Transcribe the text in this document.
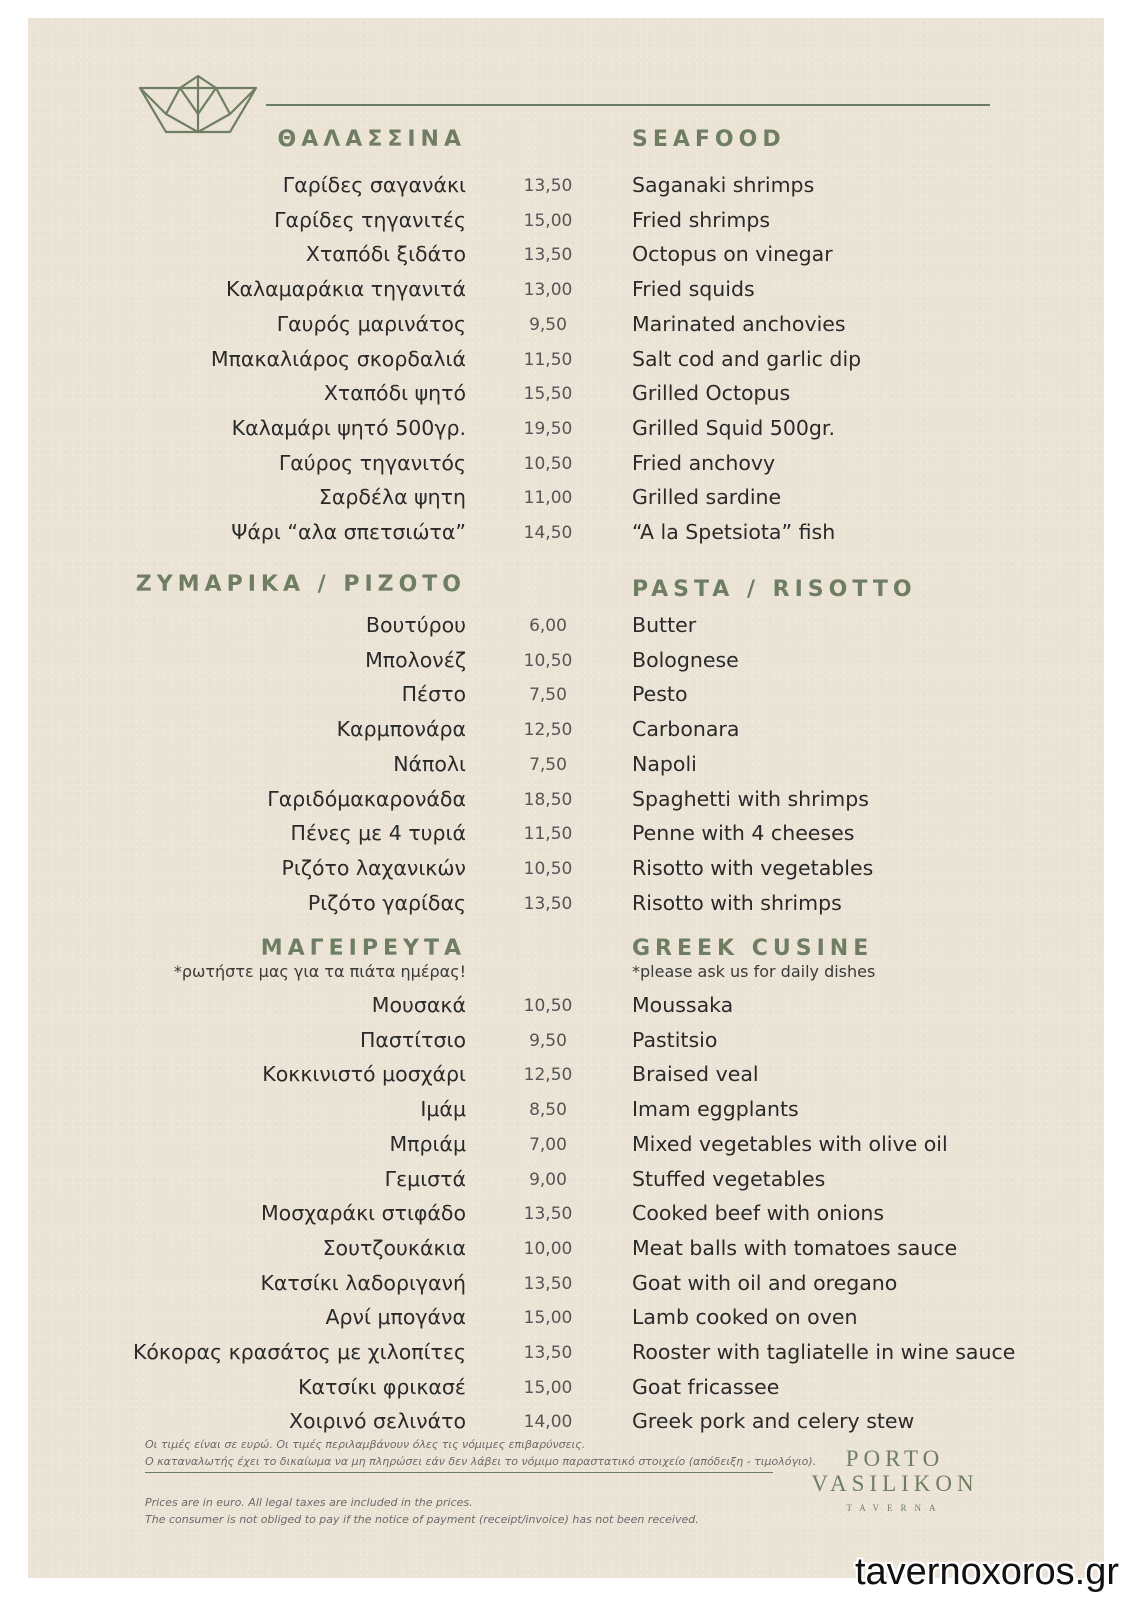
ΘΑΛΑΣΣΙΝΑ	SEAFOOD
Γαρίδες σαγανάκι	13,50	Saganaki shrimps
Γαρίδες τηγανιτές	15,00	Fried shrimps
Χταπόδι ξιδάτο	13,50	Octopus on vinegar
Καλαμαράκια τηγανιτά	13,00	Fried squids
Γαυρός μαρινάτος	9,50	Marinated anchovies
Μπακαλιάρος σκορδαλιά	11,50	Salt cod and garlic dip
Χταπόδι ψητό	15,50	Grilled Octopus
Καλαμάρι ψητό 500γρ.	19,50	Grilled Squid 500gr.
Γαύρος τηγανιτός	10,50	Fried anchovy
Σαρδέλα ψητη	11,00	Grilled sardine
Ψάρι “αλα σπετσιώτα”	14,50	“A la Spetsiota” fish
ΖΥΜΑΡΙΚΑ / ΡΙΖΟΤΟ	PASTA / RISOTTO
Βουτύρου	6,00	Butter
Μπολονέζ	10,50	Bolognese
Πέστο	7,50	Pesto
Καρμπονάρα	12,50	Carbonara
Νάπολι	7,50	Napoli
Γαριδόμακαρονάδα	18,50	Spaghetti with shrimps
Πένες με 4 τυριά	11,50	Penne with 4 cheeses
Ριζότο λαχανικών	10,50	Risotto with vegetables
Ριζότο γαρίδας	13,50	Risotto with shrimps
ΜΑΓΕΙΡΕΥΤΑ	GREEK CUSINE
*ρωτήστε μας για τα πιάτα ημέρας!	*please ask us for daily dishes
Μουσακά	10,50	Moussaka
Παστίτσιο	9,50	Pastitsio
Κοκκινιστό μοσχάρι	12,50	Braised veal
Ιμάμ	8,50	Imam eggplants
Μπριάμ	7,00	Mixed vegetables with olive oil
Γεμιστά	9,00	Stuffed vegetables
Μοσχαράκι στιφάδο	13,50	Cooked beef with onions
Σουτζουκάκια	10,00	Meat balls with tomatoes sauce
Κατσίκι λαδοριγανή	13,50	Goat with oil and oregano
Αρνί μπογάνα	15,00	Lamb cooked on oven
Κόκορας κρασάτος με χιλοπίτες	13,50	Rooster with tagliatelle in wine sauce
Κατσίκι φρικασέ	15,00	Goat fricassee
Χοιρινό σελινάτο	14,00	Greek pork and celery stew
Οι τιμές είναι σε ευρώ. Οι τιμές περιλαμβάνουν όλες τις νόμιμες επιβαρύνσεις.
Ο καταναλωτής έχει το δικαίωμα να μη πληρώσει εάν δεν λάβει το νόμιμο παραστατικό στοιχείο (απόδειξη - τιμολόγιο).
Prices are in euro. All legal taxes are included in the prices.
The consumer is not obliged to pay if the notice of payment (receipt/invoice) has not been received.
PORTO
VASILIKON
TAVERNA
tavernoxoros.gr
